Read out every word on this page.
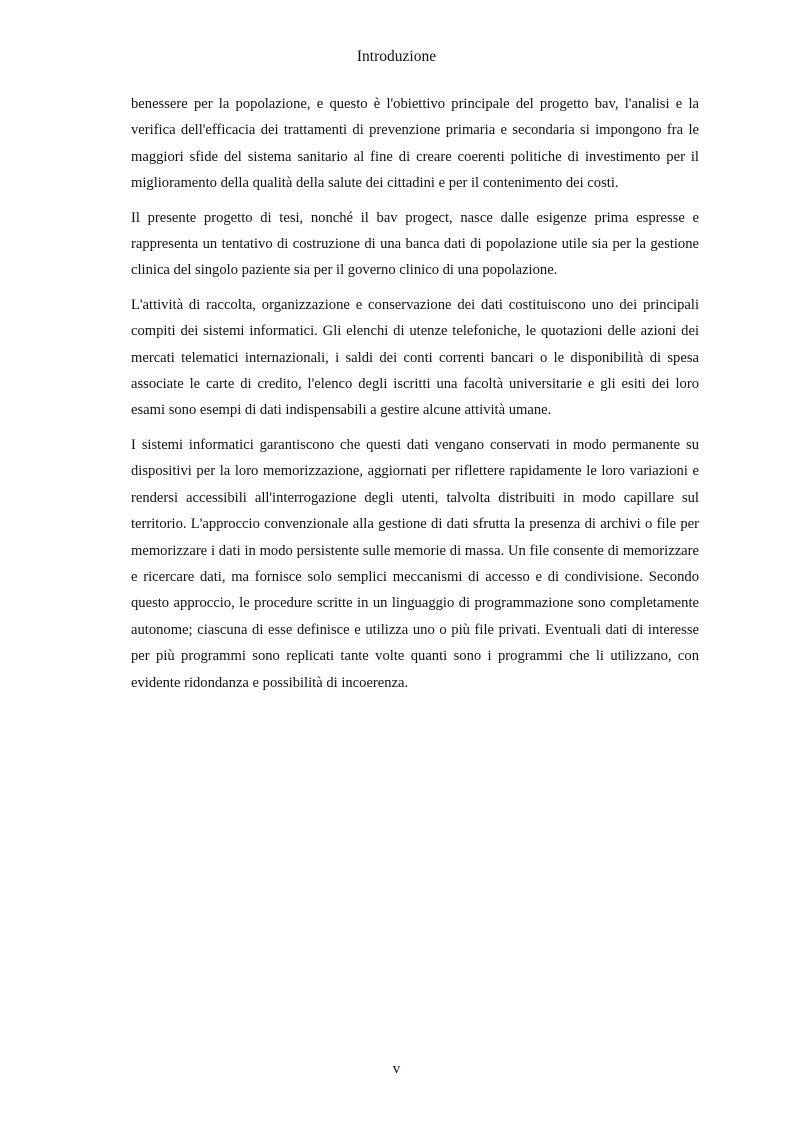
Introduzione

benessere per la popolazione, e questo è l'obiettivo principale del progetto bav, l'analisi e la verifica dell'efficacia dei trattamenti di prevenzione primaria e secondaria si impongono fra le maggiori sfide del sistema sanitario al fine di creare coerenti politiche di investimento per il miglioramento della qualità della salute dei cittadini e per il contenimento dei costi.

Il presente progetto di tesi, nonché il bav progect, nasce dalle esigenze prima espresse e rappresenta un tentativo di costruzione di una banca dati di popolazione utile sia per la gestione clinica del singolo paziente sia per il governo clinico di una popolazione.

L'attività di raccolta, organizzazione e conservazione dei dati costituiscono uno dei principali compiti dei sistemi informatici. Gli elenchi di utenze telefoniche, le quotazioni delle azioni dei mercati telematici internazionali, i saldi dei conti correnti bancari o le disponibilità di spesa associate le carte di credito, l'elenco degli iscritti una facoltà universitarie e gli esiti dei loro esami sono esempi di dati indispensabili a gestire alcune attività umane.

I sistemi informatici garantiscono che questi dati vengano conservati in modo permanente su dispositivi per la loro memorizzazione, aggiornati per riflettere rapidamente le loro variazioni e rendersi accessibili all'interrogazione degli utenti, talvolta distribuiti in modo capillare sul territorio. L'approccio convenzionale alla gestione di dati sfrutta la presenza di archivi o file per memorizzare i dati in modo persistente sulle memorie di massa. Un file consente di memorizzare e ricercare dati, ma fornisce solo semplici meccanismi di accesso e di condivisione. Secondo questo approccio, le procedure scritte in un linguaggio di programmazione sono completamente autonome; ciascuna di esse definisce e utilizza uno o più file privati. Eventuali dati di interesse per più programmi sono replicati tante volte quanti sono i programmi che li utilizzano, con evidente ridondanza e possibilità di incoerenza.

v
